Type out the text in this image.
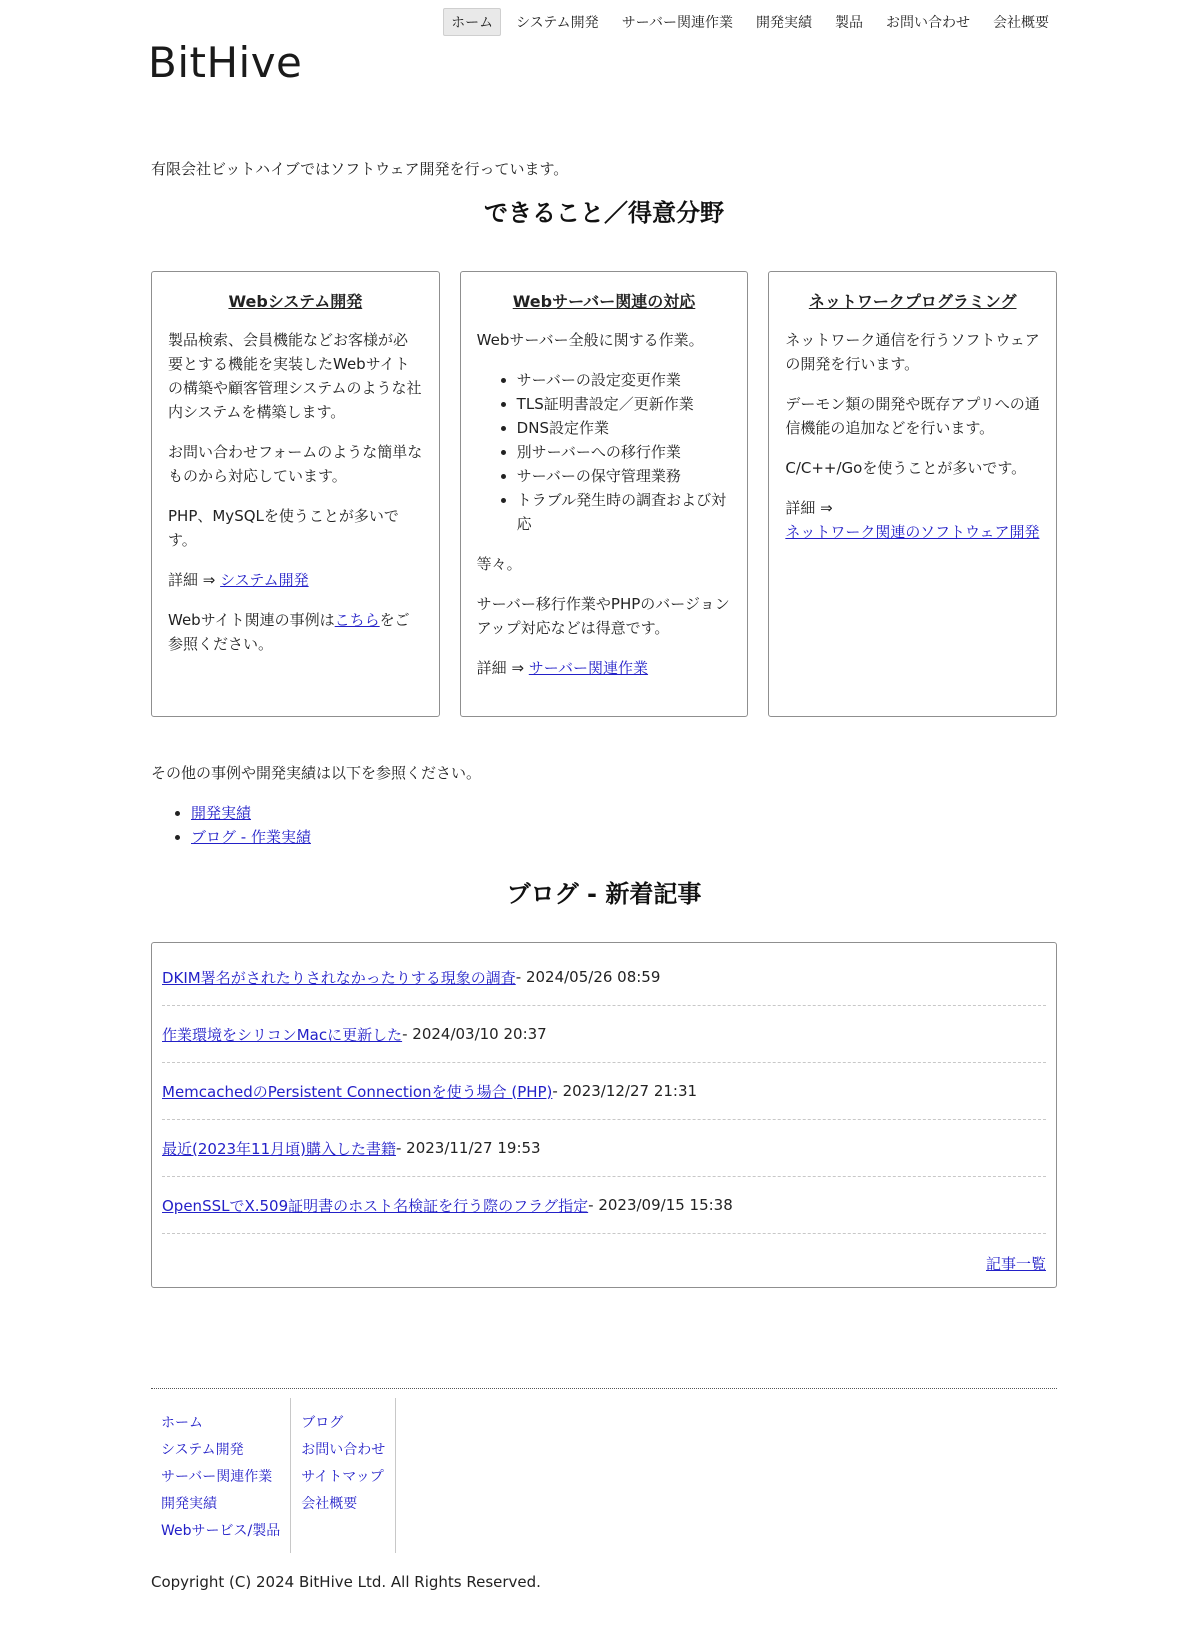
ホーム	システム開発	サーバー関連作業	開発実績	製品	お問い合わせ	会社概要
BitHive

有限会社ビットハイブではソフトウェア開発を行っています。

できること／得意分野
Webシステム開発

製品検索、会員機能などお客様が必要とする機能を実装したWebサイトの構築や顧客管理システムのような社内システムを構築します。

お問い合わせフォームのような簡単なものから対応しています。

PHP、MySQLを使うことが多いです。

詳細 ⇒ システム開発

Webサイト関連の事例はこちらをご参照ください。

Webサーバー関連の対応

Webサーバー全般に関する作業。

• サーバーの設定変更作業
• TLS証明書設定／更新作業
• DNS設定作業
• 別サーバーへの移行作業
• サーバーの保守管理業務
• トラブル発生時の調査および対応

等々。

サーバー移行作業やPHPのバージョンアップ対応などは得意です。

詳細 ⇒ サーバー関連作業

ネットワークプログラミング

ネットワーク通信を行うソフトウェアの開発を行います。

デーモン類の開発や既存アプリへの通信機能の追加などを行います。

C/C++/Goを使うことが多いです。

詳細 ⇒
ネットワーク関連のソフトウェア開発

その他の事例や開発実績は以下を参照ください。

• 開発実績
• ブログ - 作業実績
ブログ - 新着記事
DKIM署名がされたりされなかったりする現象の調査 - 2024/05/26 08:59
作業環境をシリコンMacに更新した - 2024/03/10 20:37
MemcachedのPersistent Connectionを使う場合 (PHP) - 2023/12/27 21:31
最近(2023年11月頃)購入した書籍 - 2023/11/27 19:53
OpenSSLでX.509証明書のホスト名検証を行う際のフラグ指定 - 2023/09/15 15:38
記事一覧
ホーム
システム開発
サーバー関連作業
開発実績
Webサービス/製品
ブログ
お問い合わせ
サイトマップ
会社概要
Copyright (C) 2024 BitHive Ltd. All Rights Reserved.
